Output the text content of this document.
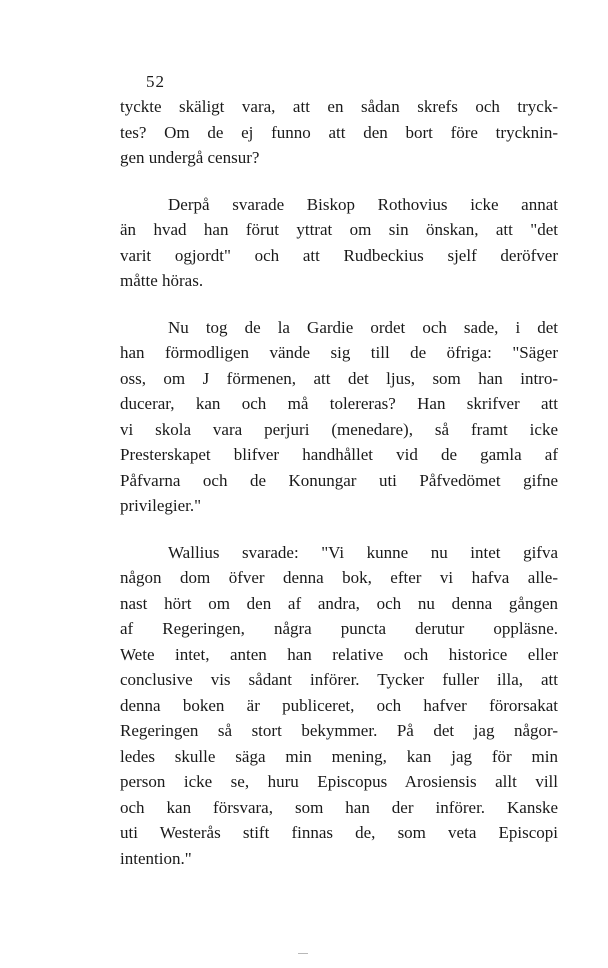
52

tyckte skäligt vara, att en sådan skrefs och tryck-
tes? Om de ej funno att den bort före trycknin-
gen undergå censur?

Derpå svarade Biskop Rothovius icke annat
än hvad han förut yttrat om sin önskan, att "det
varit ogjordt" och att Rudbeckius sjelf deröfver
måtte höras.

Nu tog de la Gardie ordet och sade, i det
han förmodligen vände sig till de öfriga: "Säger
oss, om J förmenen, att det ljus, som han intro-
ducerar, kan och må tolereras? Han skrifver att
vi skola vara perjuri (menedare), så framt icke
Presterskapet blifver handhållet vid de gamla af
Påfvarna och de Konungar uti Påfvedömet gifne
privilegier."

Wallius svarade: "Vi kunne nu intet gifva
någon dom öfver denna bok, efter vi hafva alle-
nast hört om den af andra, och nu denna gången
af Regeringen, några puncta derutur oppläsne.
Wete intet, anten han relative och historice eller
conclusive vis sådant införer. Tycker fuller illa, att
denna boken är publiceret, och hafver förorsakat
Regeringen så stort bekymmer. På det jag någor-
ledes skulle säga min mening, kan jag för min
person icke se, huru Episcopus Arosiensis allt vill
och kan försvara, som han der införer. Kanske
uti Westerås stift finnas de, som veta Episcopi
intention."
